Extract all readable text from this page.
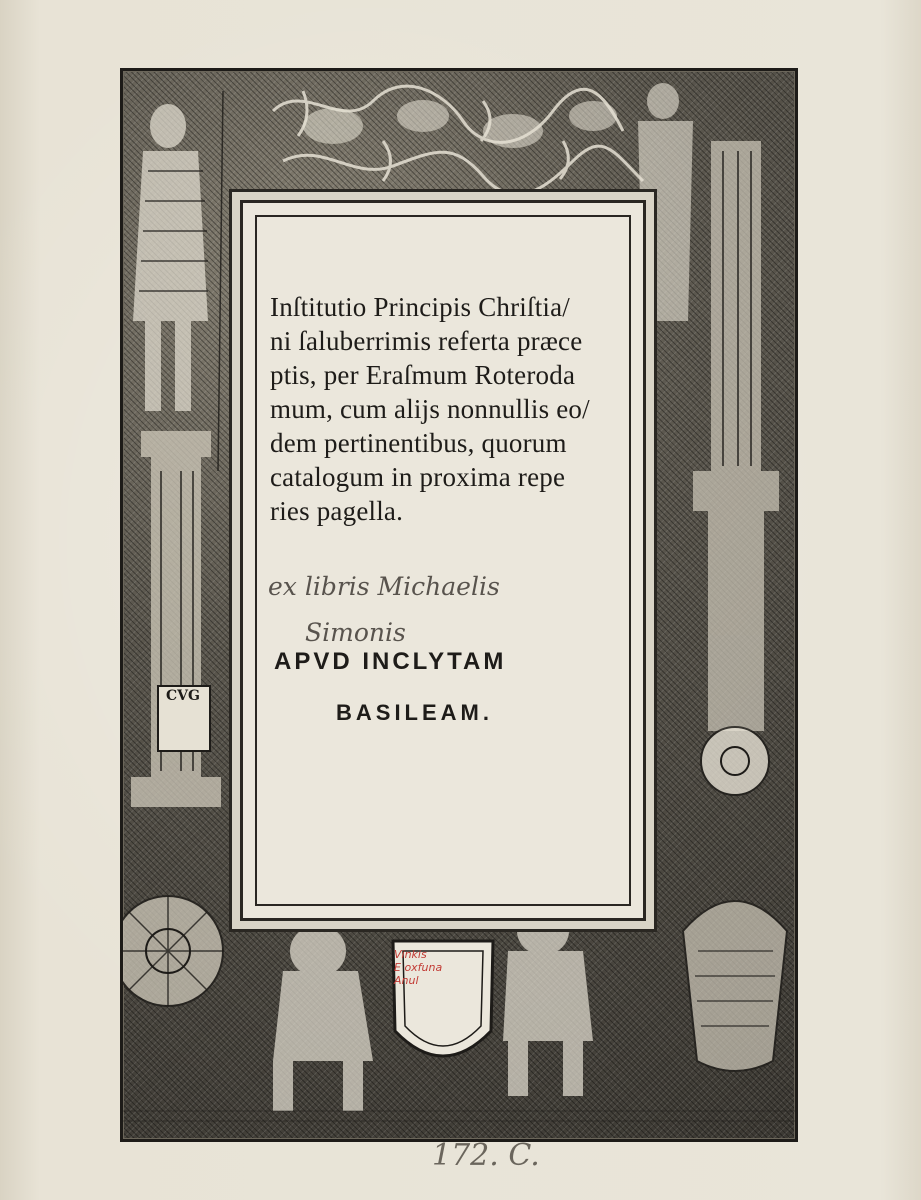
Inſtitutio Principis Chriſtia/
ni ſaluberrimis referta præce
ptis, per Eraſmum Roteroda
mum, cum aliјs nonnullis eo/
dem pertinentibus, quorum
catalogum in proxima repe
ries pagella.
ex libris Michaelis
Simonis
APVD INCLYTAM
BASILEAM.
CVG
Vinkis
E oxfuna
Anul
172. C.
